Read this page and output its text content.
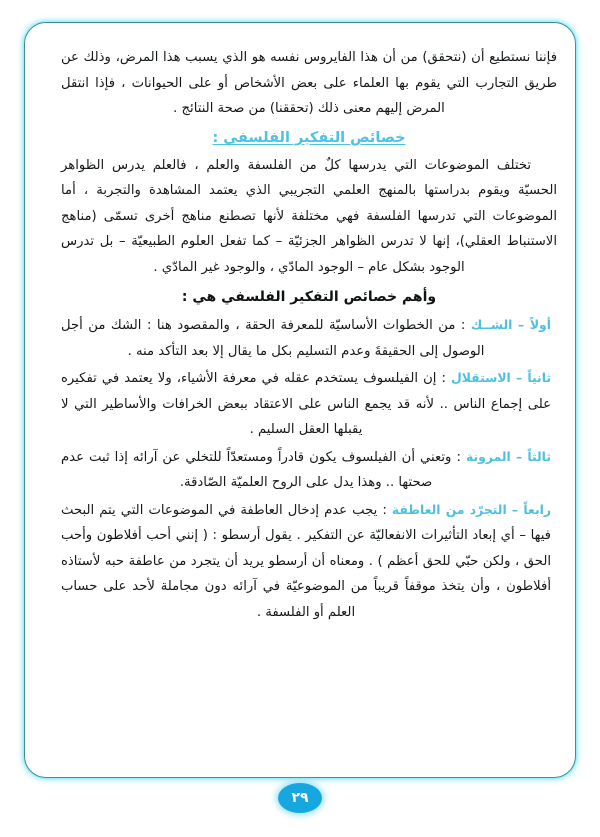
فإننا نستطيع أن (نتحقق) من أن هذا الفايروس نفسه هو الذي يسبب هذا المرض، وذلك عن طريق التجارب التي يقوم بها العلماء على بعض الأشخاص أو على الحيوانات ، فإذا انتقل المرض إليهم معنى ذلك (تحققنا) من صحة النتائج .

خصائص التفكير الفلسفي :

تختلف الموضوعات التي يدرسها كلٌ من الفلسفة والعلم ، فالعلم يدرس الظواهر الحسيّة ويقوم بدراستها بالمنهج العلمي التجريبي الذي يعتمد المشاهدة والتجربة ، أما الموضوعات التي تدرسها الفلسفة فهي مختلفة لأنها تصطنع مناهج أخرى تسمّى (مناهج الاستنباط العقلي)، إنها لا تدرس الظواهر الجزئيّة – كما تفعل العلوم الطبيعيّة – بل تدرس الوجود بشكل عام – الوجود المادّي ، والوجود غير المادّي .

وأهم خصائص التفكير الفلسفي هي :

أولاً – الشــك : من الخطوات الأساسيّة للمعرفة الحقة ، والمقصود هنا : الشك من أجل الوصول إلى الحقيقةَ وعدم التسليم بكل ما يقال إلا بعد التأكد منه .

ثانياً – الاستقلال : إن الفيلسوف يستخدم عقله في معرفة الأشياء، ولا يعتمد في تفكيره على إجماع الناس .. لأنه قد يجمع الناس على الاعتقاد ببعض الخرافات والأساطير التي لا يقبلها العقل السليم .

ثالثاً – المرونة : وتعني أن الفيلسوف يكون قادراً ومستعدّاً للتخلي عن آرائه إذا ثبت عدم صحتها .. وهذا يدل على الروح العلميّة الصّادقة.

رابعاً – التجرّد من العاطفة : يجب عدم إدخال العاطفة في الموضوعات التي يتم البحث فيها – أي إبعاد التأثيرات الانفعاليّة عن التفكير . يقول أرسطو : ( إنني أحب أفلاطون وأحب الحق ، ولكن حبّي للحق أعظم ) . ومعناه أن أرسطو يريد أن يتجرد من عاطفة حبه لأستاذه أفلاطون ، وأن يتخذ موقفاً قريباً من الموضوعيّة في آرائه دون مجاملة لأحد على حساب العلم أو الفلسفة .

٢٩
